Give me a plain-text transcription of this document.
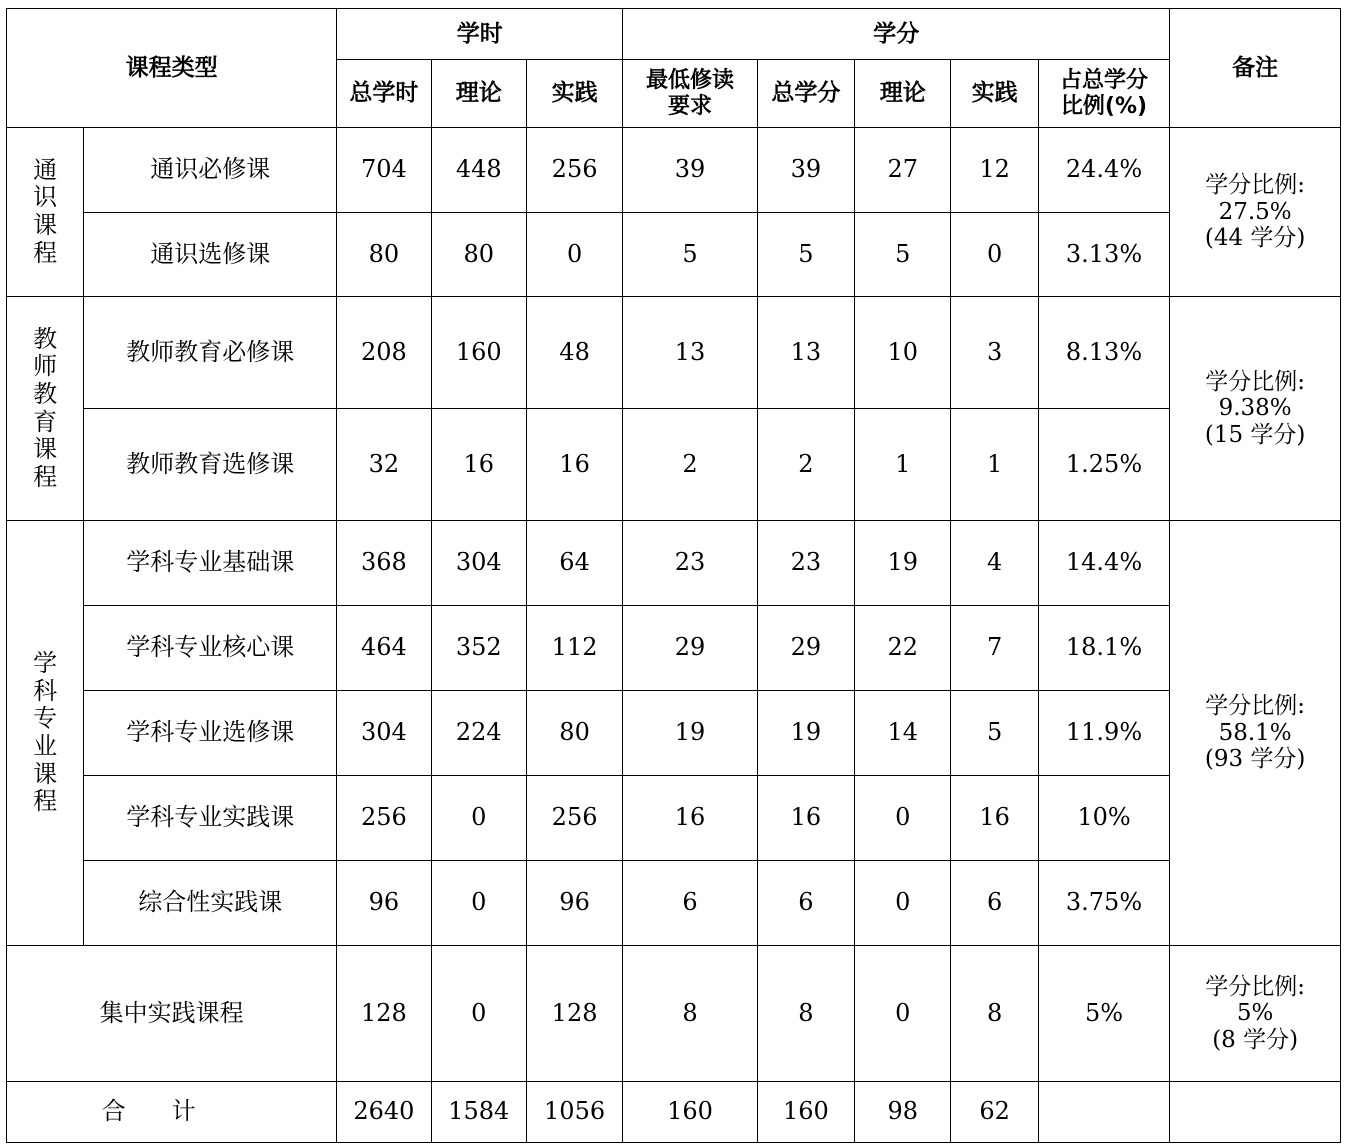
课程类型		学时			学分					备注
		总学时	理论	实践	最低修读要求	总学分	理论	实践	占总学分比例(%)	

通识课程	通识必修课	704	448	256	39	39	27	12	24.4%	学分比例:
27.5%
(44 学分)

	通识选修课	80	80	0	5	5	5	0	3.13%	

教师教育课程	教师教育必修课	208	160	48	13	13	10	3	8.13%	学分比例:
9.38%
(15 学分)

	教师教育选修课	32	16	16	2	2	1	1	1.25%	

学科专业课程	学科专业基础课	368	304	64	23	23	19	4	14.4%	学分比例:
58.1%
(93 学分)

	学科专业核心课	464	352	112	29	29	22	7	18.1%	
	学科专业选修课	304	224	80	19	19	14	5	11.9%	
	学科专业实践课	256	0	256	16	16	0	16	10%	
	综合性实践课	96	0	96	6	6	0	6	3.75%	
集中实践课程		128	0	128	8	8	0	8	5%	学分比例:
5%
(8 学分)

合计		2640	1584	1056	160	160	98	62		
